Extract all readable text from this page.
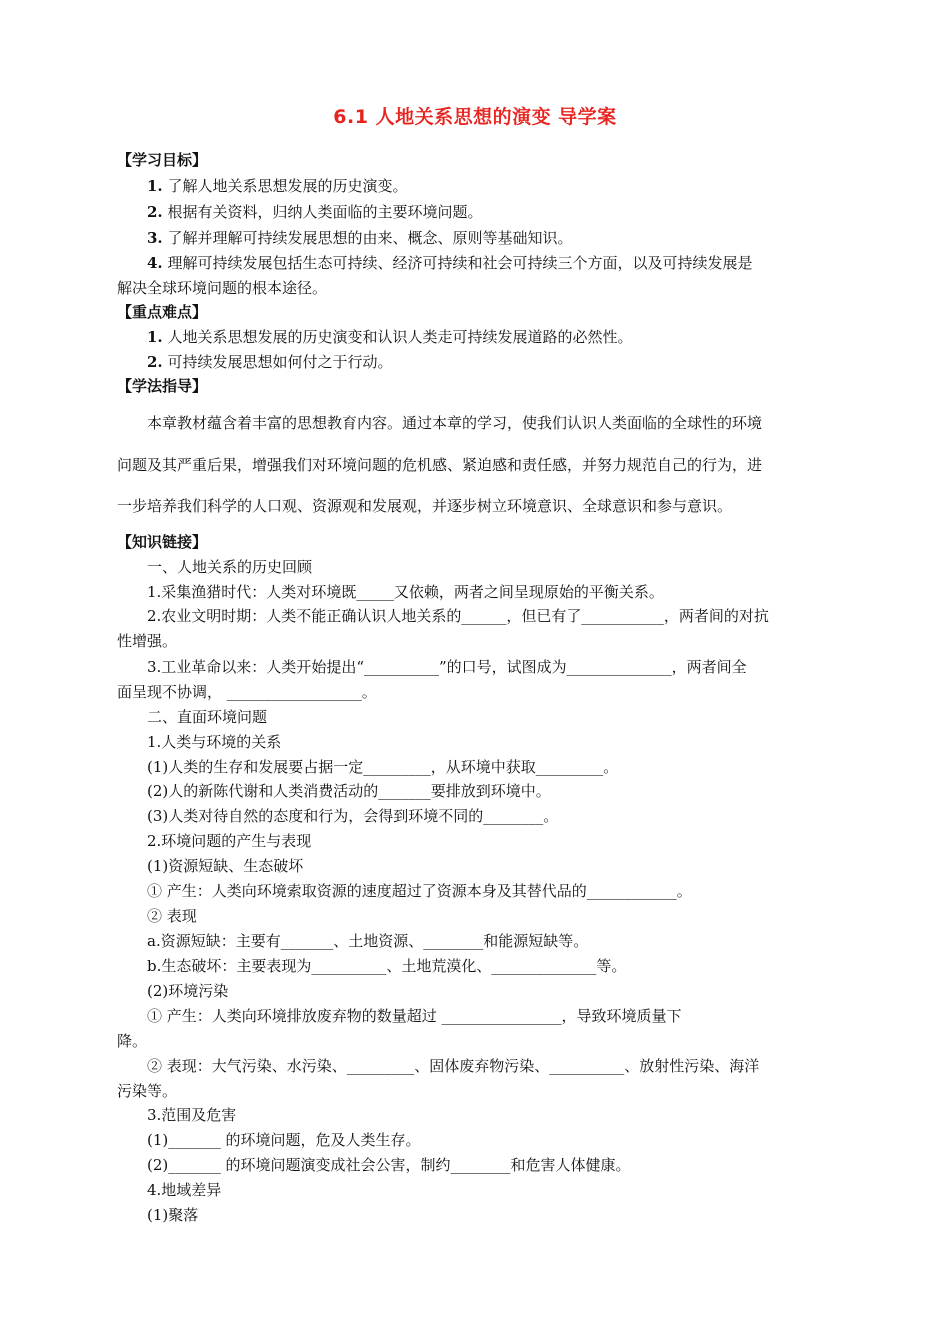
6.1 人地关系思想的演变 导学案
【学习目标】
1. 了解人地关系思想发展的历史演变。
2. 根据有关资料，归纳人类面临的主要环境问题。
3. 了解并理解可持续发展思想的由来、概念、原则等基础知识。
4. 理解可持续发展包括生态可持续、经济可持续和社会可持续三个方面，以及可持续发展是
解决全球环境问题的根本途径。
【重点难点】
1. 人地关系思想发展的历史演变和认识人类走可持续发展道路的必然性。
2. 可持续发展思想如何付之于行动。
【学法指导】
本章教材蕴含着丰富的思想教育内容。通过本章的学习，使我们认识人类面临的全球性的环境
问题及其严重后果，增强我们对环境问题的危机感、紧迫感和责任感，并努力规范自己的行为，进
一步培养我们科学的人口观、资源观和发展观，并逐步树立环境意识、全球意识和参与意识。
【知识链接】
一、人地关系的历史回顾
1.采集渔猎时代：人类对环境既_____又依赖，两者之间呈现原始的平衡关系。
2.农业文明时期：人类不能正确认识人地关系的______，但已有了___________，两者间的对抗
性增强。
3.工业革命以来：人类开始提出“__________”的口号，试图成为______________，两者间全
面呈现不协调， __________________。
二、直面环境问题
1.人类与环境的关系
(1)人类的生存和发展要占据一定_________，从环境中获取_________。
(2)人的新陈代谢和人类消费活动的_______要排放到环境中。
(3)人类对待自然的态度和行为，会得到环境不同的________。
2.环境问题的产生与表现
(1)资源短缺、生态破坏
① 产生：人类向环境索取资源的速度超过了资源本身及其替代品的____________。
② 表现
a.资源短缺：主要有_______、土地资源、________和能源短缺等。
b.生态破坏：主要表现为__________、土地荒漠化、______________等。
(2)环境污染
① 产生：人类向环境排放废弃物的数量超过 ________________，导致环境质量下
降。
② 表现：大气污染、水污染、_________、固体废弃物污染、__________、放射性污染、海洋
污染等。
3.范围及危害
(1)_______ 的环境问题，危及人类生存。
(2)_______ 的环境问题演变成社会公害，制约________和危害人体健康。
4.地域差异
(1)聚落
